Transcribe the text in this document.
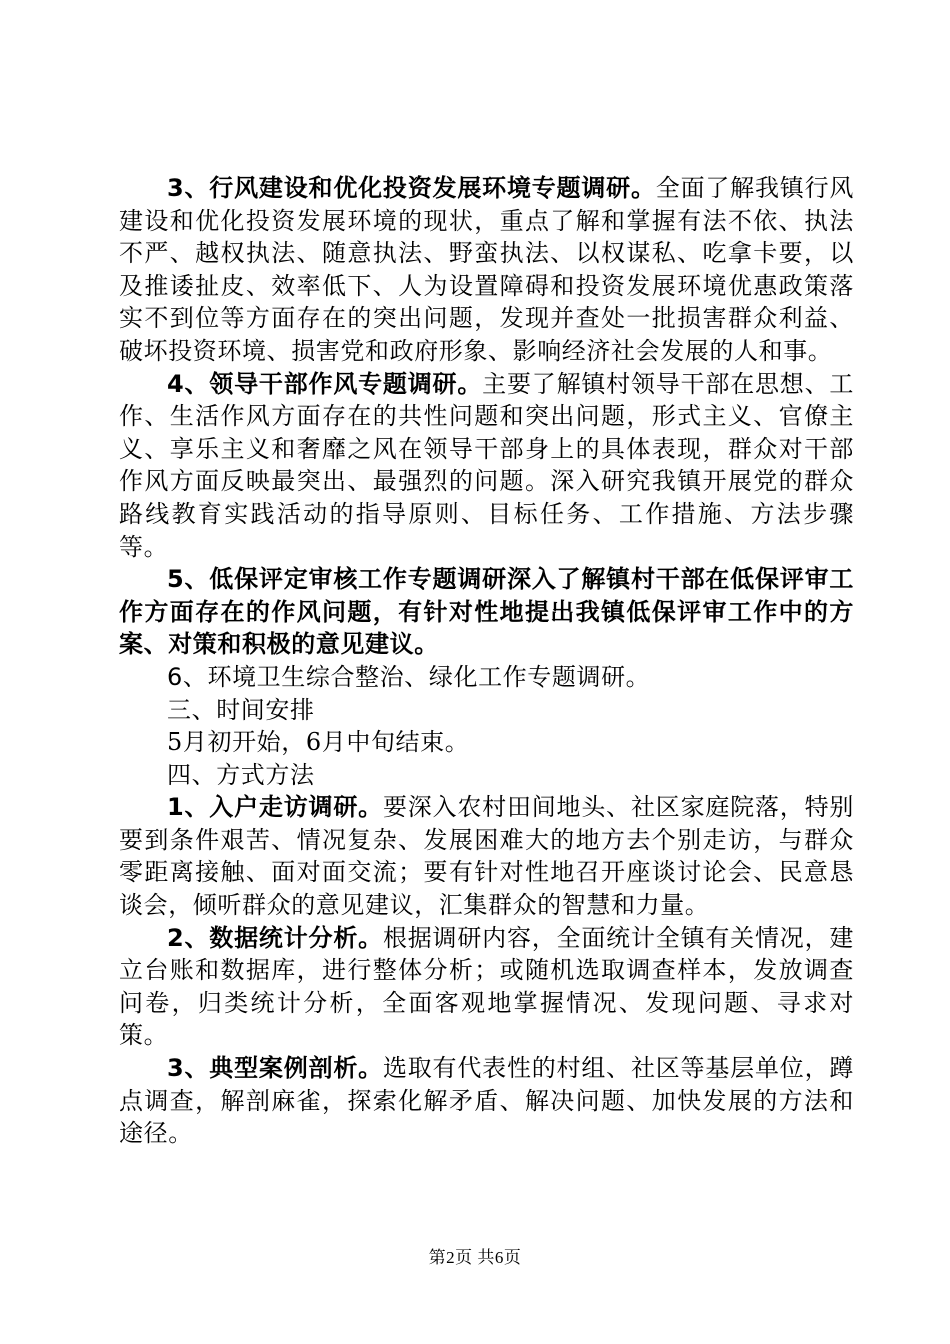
3、行风建设和优化投资发展环境专题调研。全面了解我镇行风建设和优化投资发展环境的现状，重点了解和掌握有法不依、执法不严、越权执法、随意执法、野蛮执法、以权谋私、吃拿卡要，以及推诿扯皮、效率低下、人为设置障碍和投资发展环境优惠政策落实不到位等方面存在的突出问题，发现并查处一批损害群众利益、破坏投资环境、损害党和政府形象、影响经济社会发展的人和事。

4、领导干部作风专题调研。主要了解镇村领导干部在思想、工作、生活作风方面存在的共性问题和突出问题，形式主义、官僚主义、享乐主义和奢靡之风在领导干部身上的具体表现，群众对干部作风方面反映最突出、最强烈的问题。深入研究我镇开展党的群众路线教育实践活动的指导原则、目标任务、工作措施、方法步骤等。

5、低保评定审核工作专题调研深入了解镇村干部在低保评审工作方面存在的作风问题，有针对性地提出我镇低保评审工作中的方案、对策和积极的意见建议。

6、环境卫生综合整治、绿化工作专题调研。

三、时间安排

5月初开始，6月中旬结束。

四、方式方法

1、入户走访调研。要深入农村田间地头、社区家庭院落，特别要到条件艰苦、情况复杂、发展困难大的地方去个别走访，与群众零距离接触、面对面交流；要有针对性地召开座谈讨论会、民意恳谈会，倾听群众的意见建议，汇集群众的智慧和力量。

2、数据统计分析。根据调研内容，全面统计全镇有关情况，建立台账和数据库，进行整体分析；或随机选取调查样本，发放调查问卷，归类统计分析，全面客观地掌握情况、发现问题、寻求对策。

3、典型案例剖析。选取有代表性的村组、社区等基层单位，蹲点调查，解剖麻雀，探索化解矛盾、解决问题、加快发展的方法和途径。

第2页 共6页
